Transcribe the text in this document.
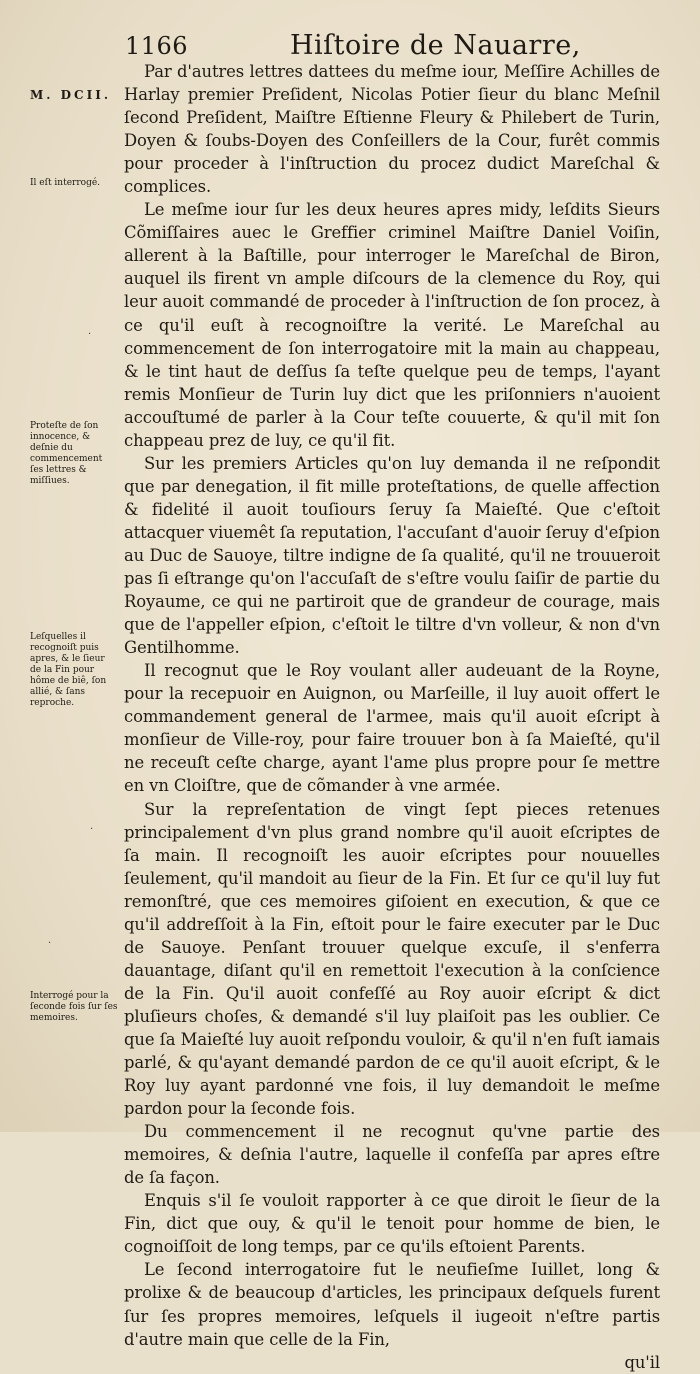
1166	Hiſtoire de Nauarre,
M. DCII.
Il eſt interrogé.
Proteſte de ſon innocence, & deſnie du commencement ſes lettres & miſſiues.
Leſquelles il recognoiſt puis apres, & le ſieur de la Fin pour hôme de biê, ſon allié, & ſans reproche.
Interrogé pour la ſeconde fois ſur ſes memoires.
·
·
·

Par d'autres lettres dattees du meſme iour, Meſſire Achilles de Harlay premier Preſident, Nicolas Potier ſieur du blanc Meſnil ſecond Preſident, Maiſtre Eſtienne Fleury & Philebert de Turin, Doyen & ſoubs-Doyen des Conſeillers de la Cour, furêt commis pour proceder à l'inſtruction du procez dudict Mareſchal & complices.

Le meſme iour ſur les deux heures apres midy, leſdits Sieurs Cõmiſſaires auec le Greffier criminel Maiſtre Daniel Voiſin, allerent à la Baſtille, pour interroger le Mareſchal de Biron, auquel ils firent vn ample diſcours de la clemence du Roy, qui leur auoit commandé de proceder à l'inſtruction de ſon procez, à ce qu'il euſt à recognoiſtre la verité. Le Mareſchal au commencement de ſon interrogatoire mit la main au chappeau, & le tint haut de deſſus ſa teſte quelque peu de temps, l'ayant remis Monſieur de Turin luy dict que les priſonniers n'auoient accouſtumé de parler à la Cour teſte couuerte, & qu'il mit ſon chappeau prez de luy, ce qu'il fit.

Sur les premiers Articles qu'on luy demanda il ne reſpondit que par denegation, il fit mille proteſtations, de quelle affection & fidelité il auoit touſiours ſeruy ſa Maieſté. Que c'eſtoit attacquer viuemêt ſa reputation, l'accuſant d'auoir ſeruy d'eſpion au Duc de Sauoye, tiltre indigne de ſa qualité, qu'il ne trouueroit pas ſi eſtrange qu'on l'accuſaſt de s'eſtre voulu ſaiſir de partie du Royaume, ce qui ne partiroit que de grandeur de courage, mais que de l'appeller eſpion, c'eſtoit le tiltre d'vn volleur, & non d'vn Gentilhomme.

Il recognut que le Roy voulant aller audeuant de la Royne, pour la recepuoir en Auignon, ou Marſeille, il luy auoit offert le commandement general de l'armee, mais qu'il auoit eſcript à monſieur de Ville-roy, pour faire trouuer bon à ſa Maieſté, qu'il ne receuſt ceſte charge, ayant l'ame plus propre pour ſe mettre en vn Cloiſtre, que de cõmander à vne armée.

Sur la repreſentation de vingt ſept pieces retenues principalement d'vn plus grand nombre qu'il auoit eſcriptes de ſa main. Il recognoiſt les auoir eſcriptes pour nouuelles ſeulement, qu'il mandoit au ſieur de la Fin. Et ſur ce qu'il luy fut remonſtré, que ces memoires giſoient en execution, & que ce qu'il addreſſoit à la Fin, eſtoit pour le faire executer par le Duc de Sauoye. Penſant trouuer quelque excuſe, il s'enferra dauantage, diſant qu'il en remettoit l'execution à la conſcience de la Fin. Qu'il auoit confeſſé au Roy auoir eſcript & dict pluſieurs choſes, & demandé s'il luy plaiſoit pas les oublier. Ce que ſa Maieſté luy auoit reſpondu vouloir, & qu'il n'en fuſt iamais parlé, & qu'ayant demandé pardon de ce qu'il auoit eſcript, & le Roy luy ayant pardonné vne fois, il luy demandoit le meſme pardon pour la ſeconde fois.

Du commencement il ne recognut qu'vne partie des memoires, & deſnia l'autre, laquelle il confeſſa par apres eſtre de ſa façon.

Enquis s'il ſe vouloit rapporter à ce que diroit le ſieur de la Fin, dict que ouy, & qu'il le tenoit pour homme de bien, le cognoiſſoit de long temps, par ce qu'ils eſtoient Parents.

Le ſecond interrogatoire fut le neufieſme Iuillet, long & prolixe & de beaucoup d'articles, les principaux deſquels furent ſur ſes propres memoires, leſquels il iugeoit n'eſtre partis d'autre main que celle de la Fin,

qu'il
